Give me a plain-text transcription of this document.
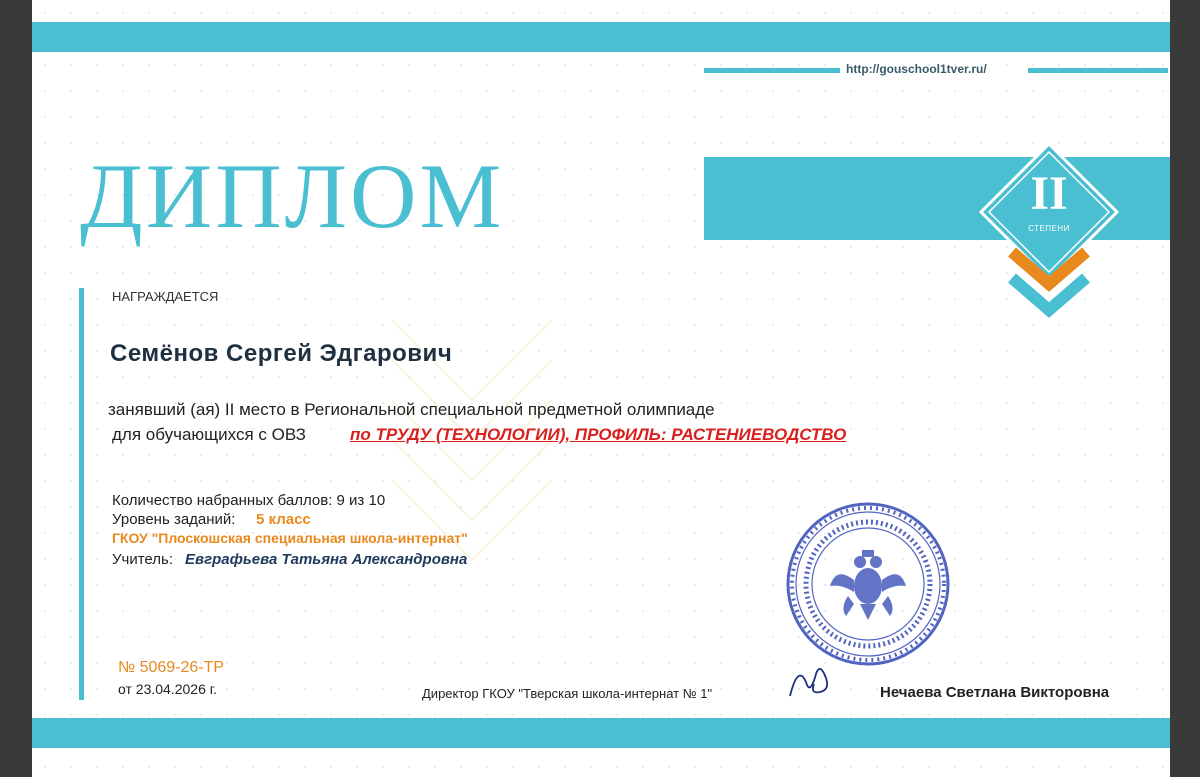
http://gouschool1tver.ru/
ДИПЛОМ	II
СТЕПЕНИ
НАГРАЖДАЕТСЯ
Семёнов Сергей Эдгарович
занявший (ая) II место в Региональной специальной предметной олимпиаде
для обучающихся с ОВЗ	по ТРУДУ (ТЕХНОЛОГИИ), ПРОФИЛЬ: РАСТЕНИЕВОДСТВО
Количество набранных баллов: 9 из 10
Уровень заданий: 5 класс
ГКОУ "Плоскошская специальная школа-интернат"
Учитель: Евграфьева Татьяна Александровна
№ 5069-26-ТР
от 23.04.2026 г.	Директор ГКОУ "Тверская школа-интернат № 1"	Нечаева Светлана Викторовна
